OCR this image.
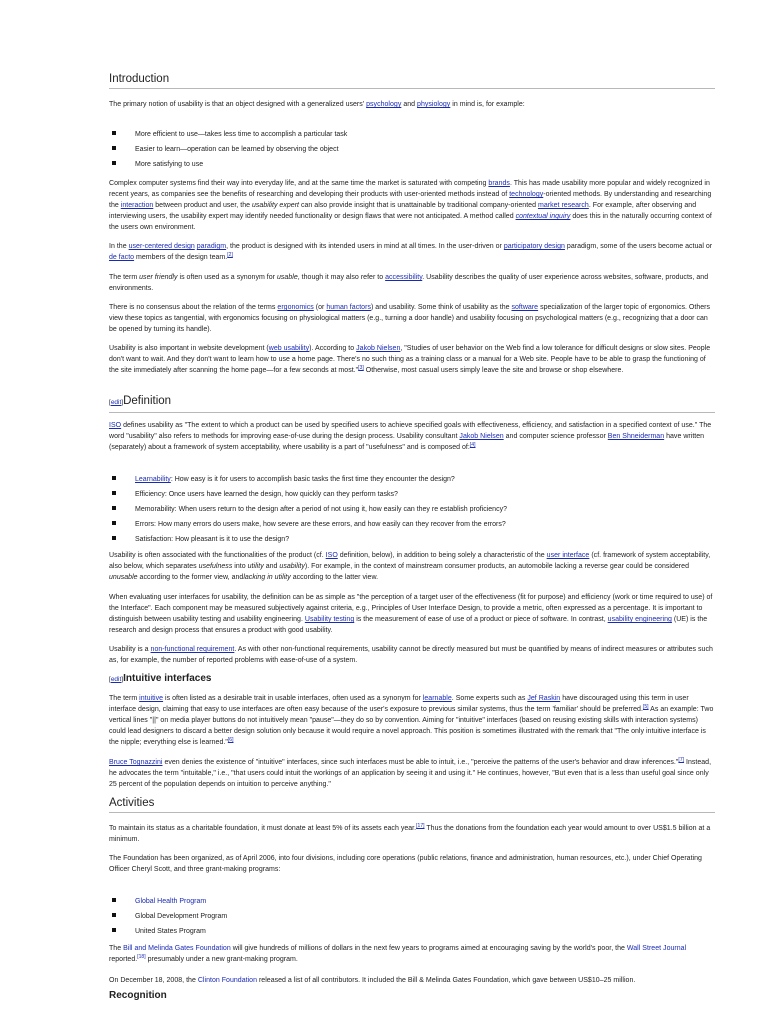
Introduction

The primary notion of usability is that an object designed with a generalized users' psychology and physiology in mind is, for example:

More efficient to use—takes less time to accomplish a particular task
Easier to learn—operation can be learned by observing the object
More satisfying to use

Complex computer systems find their way into everyday life, and at the same time the market is saturated with competing brands. This has made usability more popular and widely recognized in recent years, as companies see the benefits of researching and developing their products with user-oriented methods instead of technology-oriented methods. By understanding and researching the interaction between product and user, the usability expert can also provide insight that is unattainable by traditional company-oriented market research. For example, after observing and interviewing users, the usability expert may identify needed functionality or design flaws that were not anticipated. A method called contextual inquiry does this in the naturally occurring context of the users own environment.

In the user-centered design paradigm, the product is designed with its intended users in mind at all times. In the user-driven or participatory design paradigm, some of the users become actual or de facto members of the design team.[2]

The term user friendly is often used as a synonym for usable, though it may also refer to accessibility. Usability describes the quality of user experience across websites, software, products, and environments.

There is no consensus about the relation of the terms ergonomics (or human factors) and usability. Some think of usability as the software specialization of the larger topic of ergonomics. Others view these topics as tangential, with ergonomics focusing on physiological matters (e.g., turning a door handle) and usability focusing on psychological matters (e.g., recognizing that a door can be opened by turning its handle).

Usability is also important in website development (web usability). According to Jakob Nielsen, "Studies of user behavior on the Web find a low tolerance for difficult designs or slow sites. People don't want to wait. And they don't want to learn how to use a home page. There's no such thing as a training class or a manual for a Web site. People have to be able to grasp the functioning of the site immediately after scanning the home page—for a few seconds at most."[3] Otherwise, most casual users simply leave the site and browse or shop elsewhere.

[edit]Definition

ISO defines usability as "The extent to which a product can be used by specified users to achieve specified goals with effectiveness, efficiency, and satisfaction in a specified context of use." The word "usability" also refers to methods for improving ease-of-use during the design process. Usability consultant Jakob Nielsen and computer science professor Ben Shneiderman have written (separately) about a framework of system acceptability, where usability is a part of "usefulness" and is composed of:[4]

Learnability: How easy is it for users to accomplish basic tasks the first time they encounter the design?
Efficiency: Once users have learned the design, how quickly can they perform tasks?
Memorability: When users return to the design after a period of not using it, how easily can they re establish proficiency?
Errors: How many errors do users make, how severe are these errors, and how easily can they recover from the errors?
Satisfaction: How pleasant is it to use the design?

Usability is often associated with the functionalities of the product (cf. ISO definition, below), in addition to being solely a characteristic of the user interface (cf. framework of system acceptability, also below, which separates usefulness into utility and usability). For example, in the context of mainstream consumer products, an automobile lacking a reverse gear could be considered unusable according to the former view, andlacking in utility according to the latter view.

When evaluating user interfaces for usability, the definition can be as simple as "the perception of a target user of the effectiveness (fit for purpose) and efficiency (work or time required to use) of the Interface". Each component may be measured subjectively against criteria, e.g., Principles of User Interface Design, to provide a metric, often expressed as a percentage. It is important to distinguish between usability testing and usability engineering. Usability testing is the measurement of ease of use of a product or piece of software. In contrast, usability engineering (UE) is the research and design process that ensures a product with good usability.

Usability is a non-functional requirement. As with other non-functional requirements, usability cannot be directly measured but must be quantified by means of indirect measures or attributes such as, for example, the number of reported problems with ease-of-use of a system.

[edit]Intuitive interfaces

The term intuitive is often listed as a desirable trait in usable interfaces, often used as a synonym for learnable. Some experts such as Jef Raskin have discouraged using this term in user interface design, claiming that easy to use interfaces are often easy because of the user's exposure to previous similar systems, thus the term 'familiar' should be preferred.[5] As an example: Two vertical lines "||" on media player buttons do not intuitively mean "pause"—they do so by convention. Aiming for "intuitive" interfaces (based on reusing existing skills with interaction systems) could lead designers to discard a better design solution only because it would require a novel approach. This position is sometimes illustrated with the remark that "The only intuitive interface is the nipple; everything else is learned."[6]

Bruce Tognazzini even denies the existence of "intuitive" interfaces, since such interfaces must be able to intuit, i.e., "perceive the patterns of the user's behavior and draw inferences."[7] Instead, he advocates the term "intuitable," i.e., "that users could intuit the workings of an application by seeing it and using it." He continues, however, "But even that is a less than useful goal since only 25 percent of the population depends on intuition to perceive anything."

Activities

To maintain its status as a charitable foundation, it must donate at least 5% of its assets each year.[17] Thus the donations from the foundation each year would amount to over US$1.5 billion at a minimum.

The Foundation has been organized, as of April 2006, into four divisions, including core operations (public relations, finance and administration, human resources, etc.), under Chief Operating Officer Cheryl Scott, and three grant-making programs:

Global Health Program
Global Development Program
United States Program

The Bill and Melinda Gates Foundation will give hundreds of millions of dollars in the next few years to programs aimed at encouraging saving by the world's poor, the Wall Street Journal reported.[18] presumably under a new grant-making program.

On December 18, 2008, the Clinton Foundation released a list of all contributors. It included the Bill & Melinda Gates Foundation, which gave between US$10–25 million.

Recognition
